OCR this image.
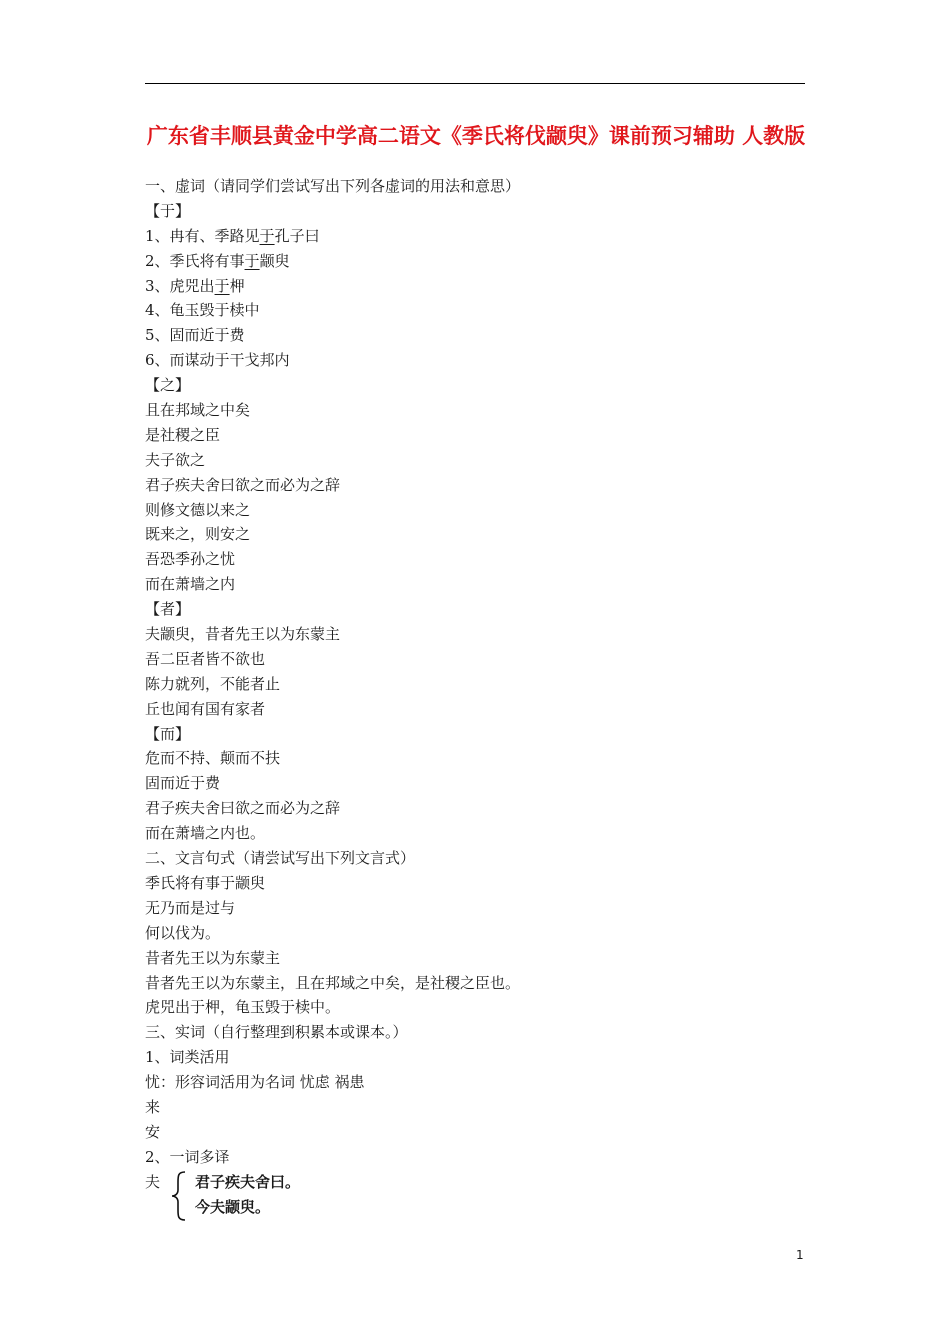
广东省丰顺县黄金中学高二语文《季氏将伐颛臾》课前预习辅助 人教版
一、虚词（请同学们尝试写出下列各虚词的用法和意思）
【于】
1、冉有、季路见于孔子曰
2、季氏将有事于颛臾
3、虎兕出于柙
4、龟玉毁于椟中
5、固而近于费
6、而谋动于干戈邦内
【之】
且在邦域之中矣
是社稷之臣
夫子欲之
君子疾夫舍曰欲之而必为之辞
则修文德以来之
既来之，则安之
吾恐季孙之忧
而在萧墙之内
【者】
夫颛臾，昔者先王以为东蒙主
吾二臣者皆不欲也
陈力就列，不能者止
丘也闻有国有家者
【而】
危而不持、颠而不扶
固而近于费
君子疾夫舍曰欲之而必为之辞
而在萧墙之内也。
二、文言句式（请尝试写出下列文言式）
季氏将有事于颛臾
无乃而是过与
何以伐为。
昔者先王以为东蒙主
昔者先王以为东蒙主，且在邦域之中矣，是社稷之臣也。
虎兕出于柙，龟玉毁于椟中。
三、实词（自行整理到积累本或课本。）
1、词类活用
忧：形容词活用为名词 忧虑 祸患
来
安
2、一词多译
夫 君子疾夫舍曰。
今夫颛臾。
1
